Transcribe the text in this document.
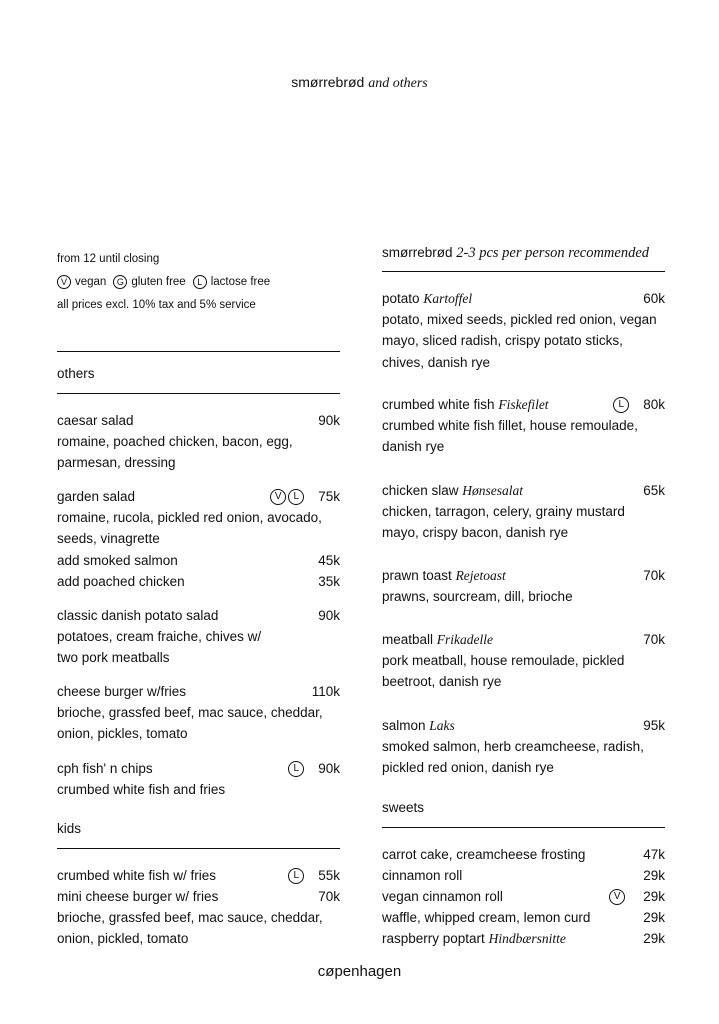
smørrebrød and others
from 12 until closing
V vegan	G gluten free	L lactose free
all prices excl. 10% tax and 5% service
others
caesar salad	90k
romaine, poached chicken, bacon, egg, parmesan, dressing
garden salad	V	L	75k
romaine, rucola, pickled red onion, avocado, seeds, vinagrette
add smoked salmon	45k
add poached chicken	35k
classic danish potato salad	90k
potatoes, cream fraiche, chives w/ two pork meatballs
cheese burger w/fries	110k
brioche, grassfed beef, mac sauce, cheddar, onion, pickles, tomato
cph fish' n chips	L	90k
crumbed white fish and fries
kids
crumbed white fish w/ fries	L	55k
mini cheese burger w/ fries	70k
brioche, grassfed beef, mac sauce, cheddar, onion, pickled, tomato
smørrebrød 2-3 pcs per person recommended
potato Kartoffel	60k
potato, mixed seeds, pickled red onion, vegan mayo, sliced radish, crispy potato sticks, chives, danish rye
crumbed white fish Fiskefilet	L	80k
crumbed white fish fillet, house remoulade, danish rye
chicken slaw Hønsesalat	65k
chicken, tarragon, celery, grainy mustard mayo, crispy bacon, danish rye
prawn toast Rejetoast	70k
prawns, sourcream, dill, brioche
meatball Frikadelle	70k
pork meatball, house remoulade, pickled beetroot, danish rye
salmon Laks	95k
smoked salmon, herb creamcheese, radish, pickled red onion, danish rye
sweets
carrot cake, creamcheese frosting	47k
cinnamon roll	29k
vegan cinnamon roll	V	29k
waffle, whipped cream, lemon curd	29k
raspberry poptart Hindbærsnitte	29k
cøpenhagen
